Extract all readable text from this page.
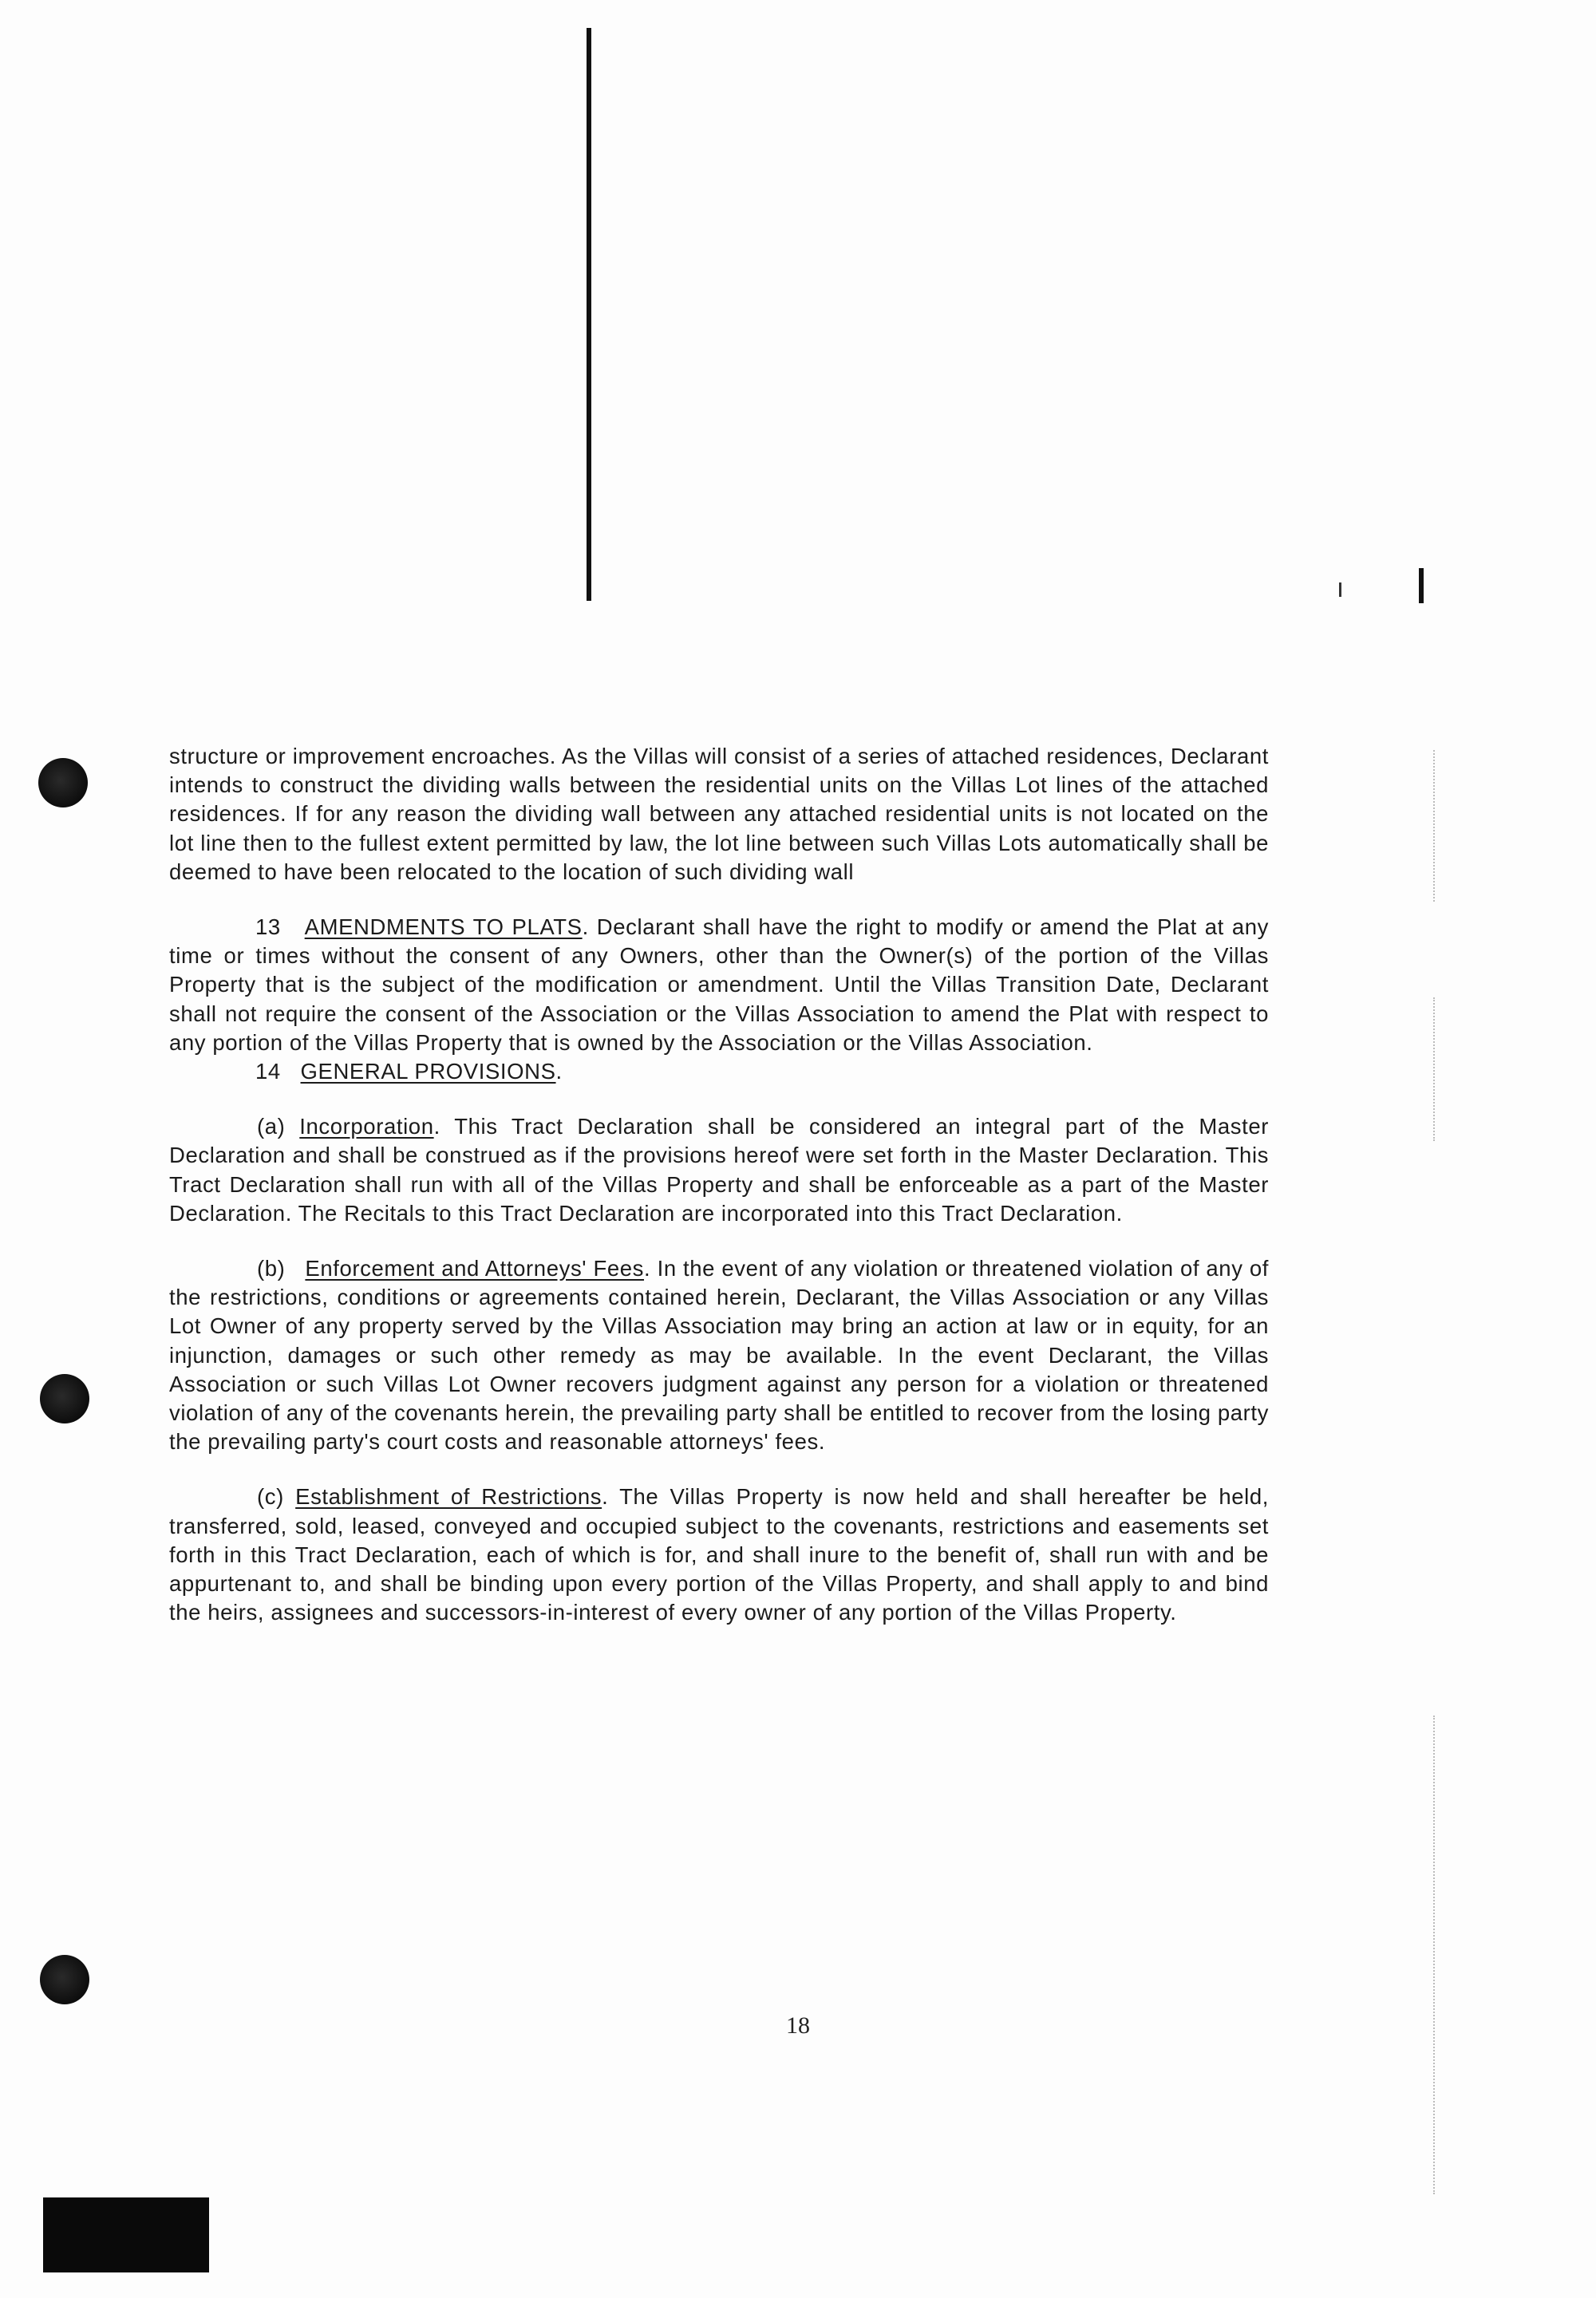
structure or improvement encroaches. As the Villas will consist of a series of attached residences, Declarant intends to construct the dividing walls between the residential units on the Villas Lot lines of the attached residences. If for any reason the dividing wall between any attached residential units is not located on the lot line then to the fullest extent permitted by law, the lot line between such Villas Lots automatically shall be deemed to have been relocated to the location of such dividing wall

13 AMENDMENTS TO PLATS. Declarant shall have the right to modify or amend the Plat at any time or times without the consent of any Owners, other than the Owner(s) of the portion of the Villas Property that is the subject of the modification or amendment. Until the Villas Transition Date, Declarant shall not require the consent of the Association or the Villas Association to amend the Plat with respect to any portion of the Villas Property that is owned by the Association or the Villas Association.

14 GENERAL PROVISIONS.

(a) Incorporation. This Tract Declaration shall be considered an integral part of the Master Declaration and shall be construed as if the provisions hereof were set forth in the Master Declaration. This Tract Declaration shall run with all of the Villas Property and shall be enforceable as a part of the Master Declaration. The Recitals to this Tract Declaration are incorporated into this Tract Declaration.

(b) Enforcement and Attorneys' Fees. In the event of any violation or threatened violation of any of the restrictions, conditions or agreements contained herein, Declarant, the Villas Association or any Villas Lot Owner of any property served by the Villas Association may bring an action at law or in equity, for an injunction, damages or such other remedy as may be available. In the event Declarant, the Villas Association or such Villas Lot Owner recovers judgment against any person for a violation or threatened violation of any of the covenants herein, the prevailing party shall be entitled to recover from the losing party the prevailing party's court costs and reasonable attorneys' fees.

(c) Establishment of Restrictions. The Villas Property is now held and shall hereafter be held, transferred, sold, leased, conveyed and occupied subject to the covenants, restrictions and easements set forth in this Tract Declaration, each of which is for, and shall inure to the benefit of, shall run with and be appurtenant to, and shall be binding upon every portion of the Villas Property, and shall apply to and bind the heirs, assignees and successors-in-interest of every owner of any portion of the Villas Property.

18
